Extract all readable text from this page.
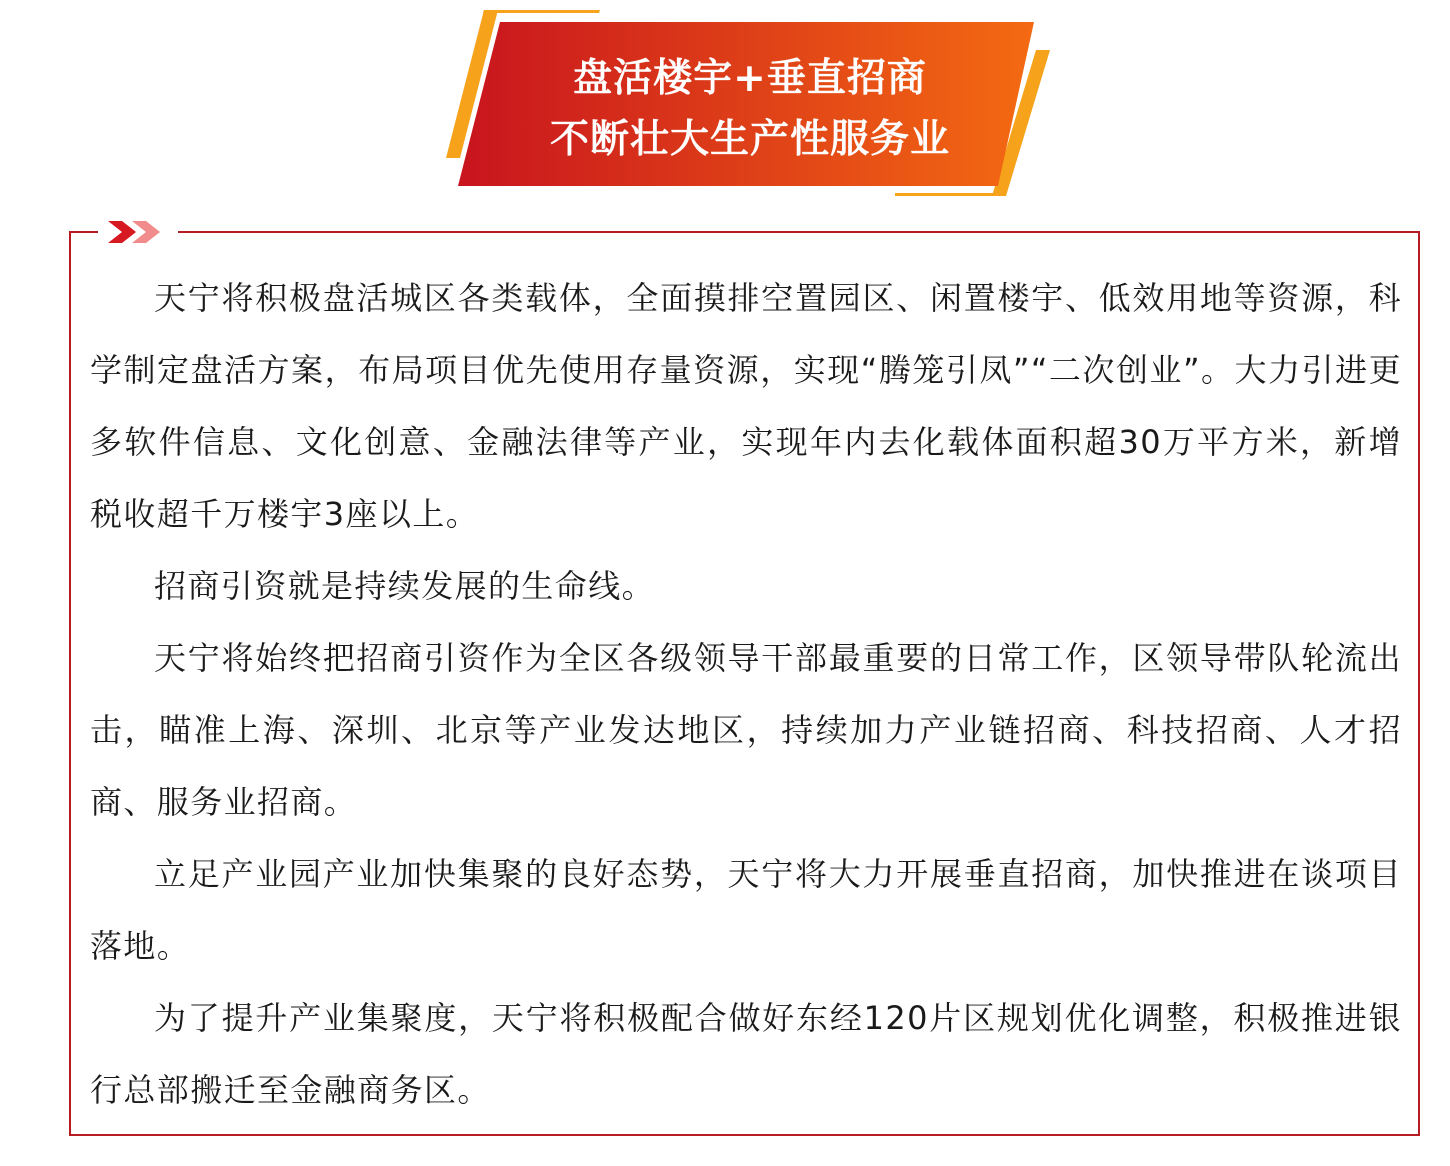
盘活楼宇+垂直招商
不断壮大生产性服务业

天宁将积极盘活城区各类载体，全面摸排空置园区、闲置楼宇、低效用地等资源，科学制定盘活方案，布局项目优先使用存量资源，实现“腾笼引凤”“二次创业”。大力引进更多软件信息、文化创意、金融法律等产业，实现年内去化载体面积超30万平方米，新增税收超千万楼宇3座以上。

招商引资就是持续发展的生命线。

天宁将始终把招商引资作为全区各级领导干部最重要的日常工作，区领导带队轮流出击，瞄准上海、深圳、北京等产业发达地区，持续加力产业链招商、科技招商、人才招商、服务业招商。

立足产业园产业加快集聚的良好态势，天宁将大力开展垂直招商，加快推进在谈项目落地。

为了提升产业集聚度，天宁将积极配合做好东经120片区规划优化调整，积极推进银行总部搬迁至金融商务区。
